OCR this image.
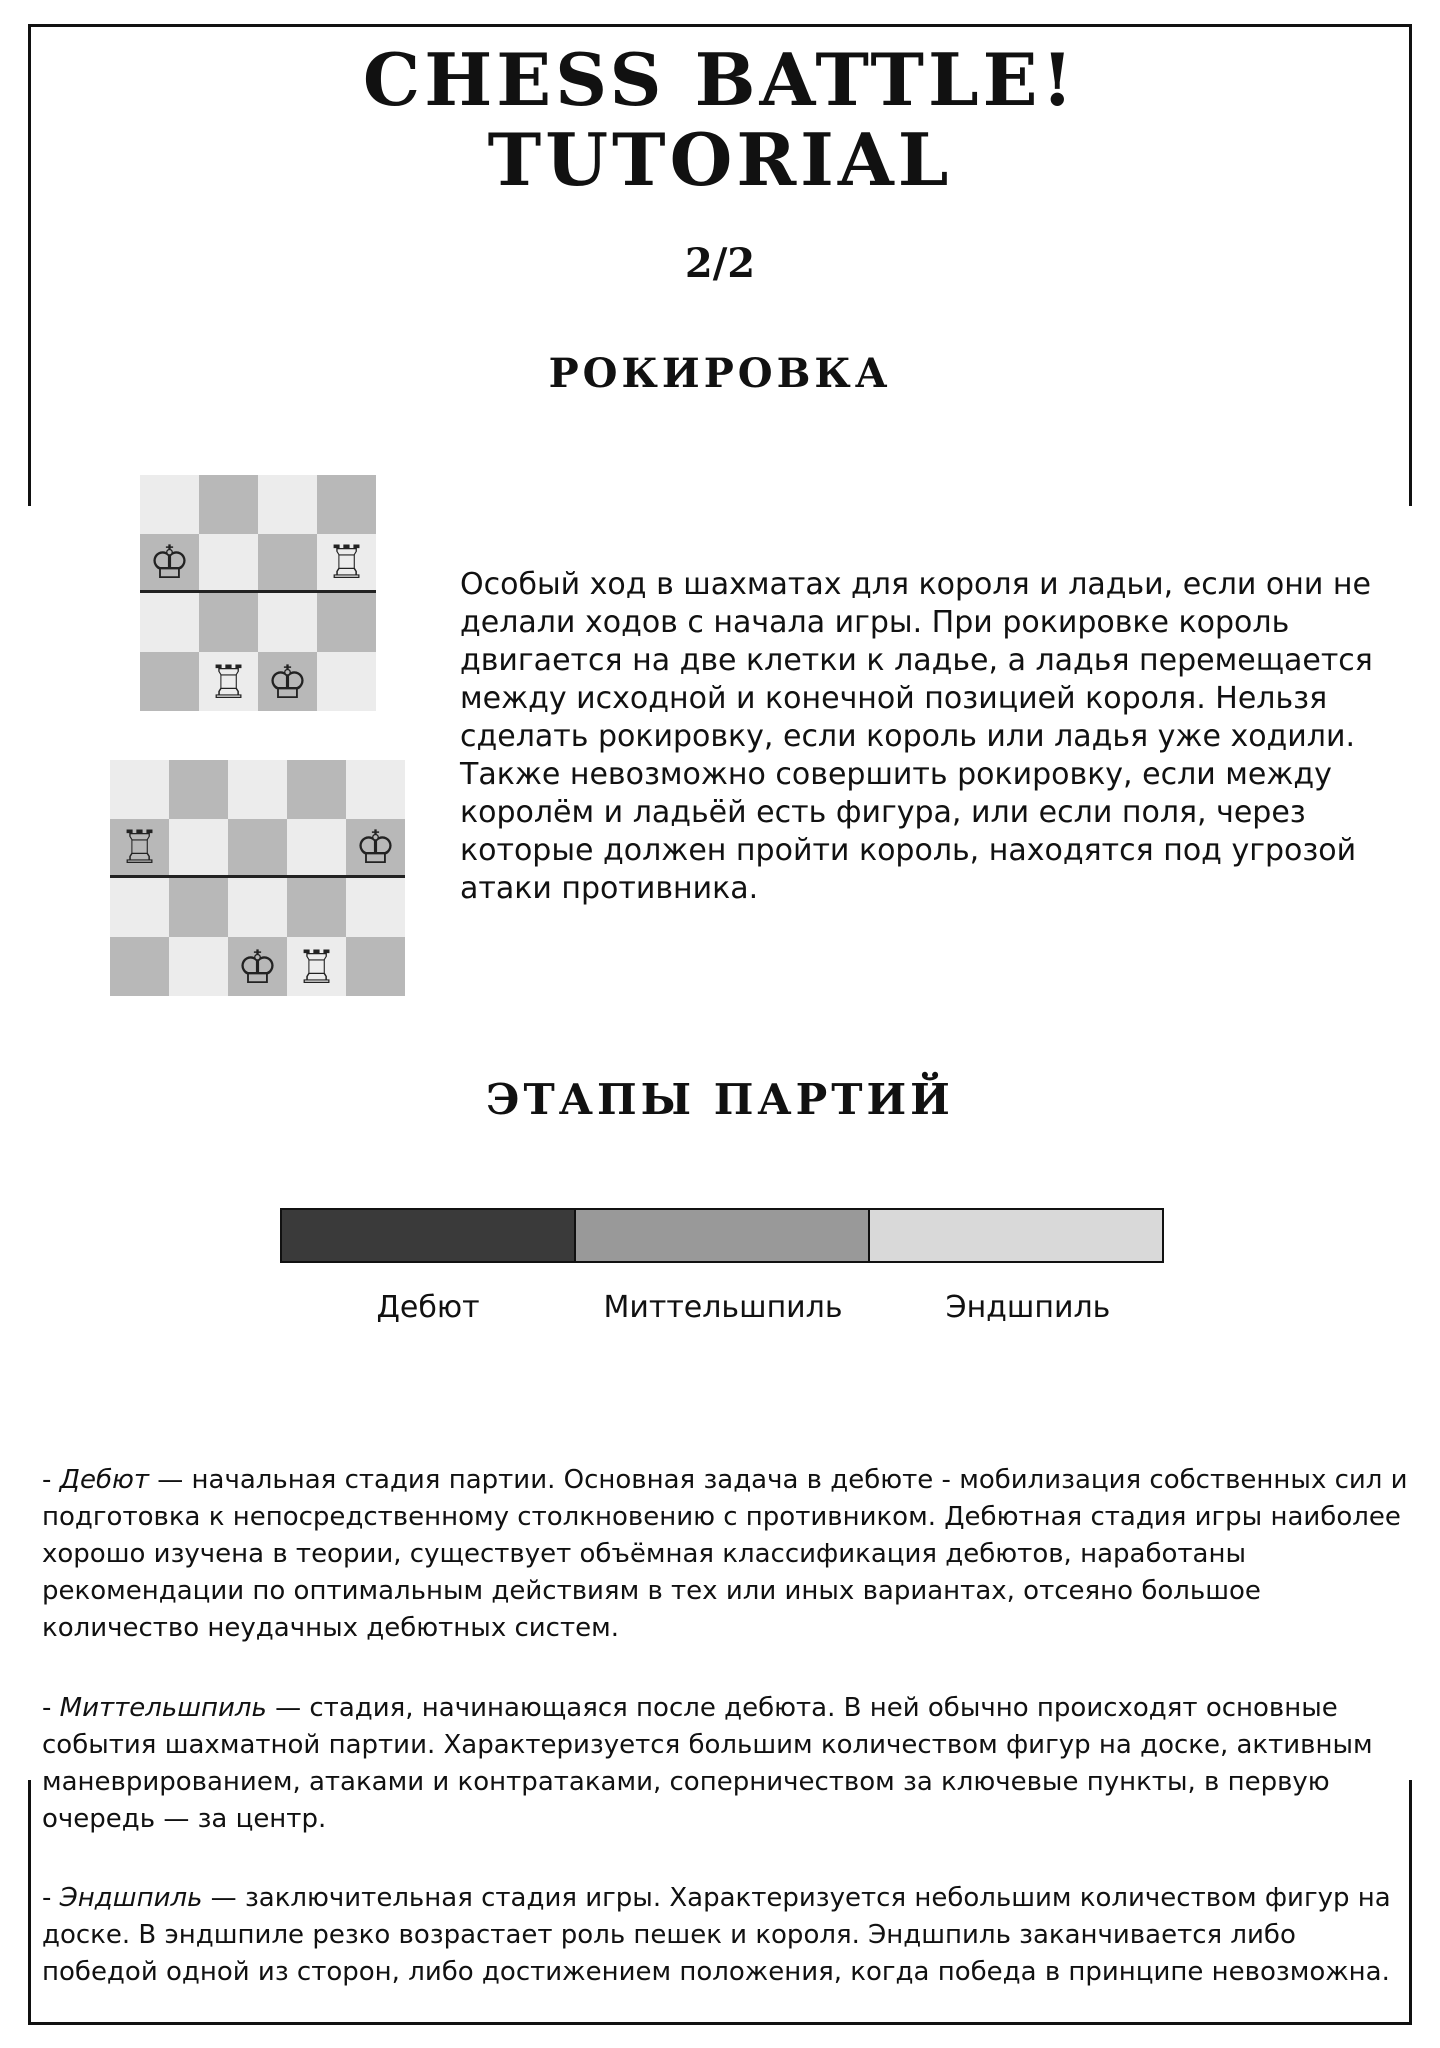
CHESS BATTLE!
TUTORIAL
2/2
РОКИРОВКА
♔	♖
♖ ♔
♖	♔
♔ ♖
Особый ход в шахматах для короля и ладьи, если они не делали ходов с начала игры. При рокировке король двигается на две клетки к ладье, а ладья перемещается между исходной и конечной позицией короля. Нельзя сделать рокировку, если король или ладья уже ходили. Также невозможно совершить рокировку, если между королём и ладьёй есть фигура, или если поля, через которые должен пройти король, находятся под угрозой атаки противника.
ЭТАПЫ ПАРТИЙ
Дебют	Миттельшпиль	Эндшпиль
- Дебют — начальная стадия партии. Основная задача в дебюте - мобилизация собственных сил и подготовка к непосредственному столкновению с противником. Дебютная стадия игры наиболее хорошо изучена в теории, существует объёмная классификация дебютов, наработаны рекомендации по оптимальным действиям в тех или иных вариантах, отсеяно большое количество неудачных дебютных систем.
- Миттельшпиль — стадия, начинающаяся после дебюта. В ней обычно происходят основные события шахматной партии. Характеризуется большим количеством фигур на доске, активным маневрированием, атаками и контратаками, соперничеством за ключевые пункты, в первую очередь — за центр.
- Эндшпиль — заключительная стадия игры. Характеризуется небольшим количеством фигур на доске. В эндшпиле резко возрастает роль пешек и короля. Эндшпиль заканчивается либо победой одной из сторон, либо достижением положения, когда победа в принципе невозможна.
